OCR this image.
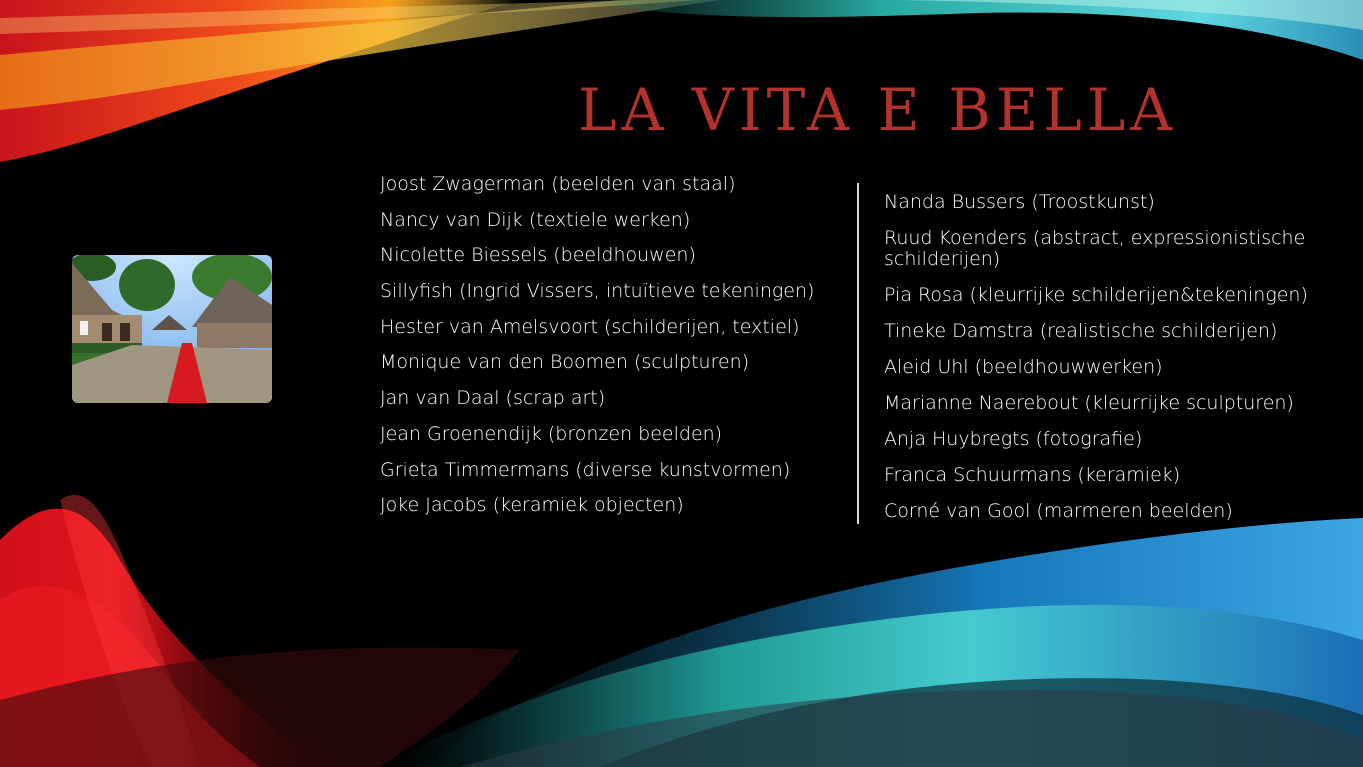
LA VITA E BELLA
Joost Zwagerman (beelden van staal)
Nancy van Dijk (textiele werken)
Nicolette Biessels (beeldhouwen)
Sillyfish (Ingrid Vissers, intuïtieve tekeningen)
Hester van Amelsvoort (schilderijen, textiel)
Monique van den Boomen (sculpturen)
Jan van Daal (scrap art)
Jean Groenendijk (bronzen beelden)
Grieta Timmermans (diverse kunstvormen)
Joke Jacobs (keramiek objecten)
Nanda Bussers (Troostkunst)
Ruud Koenders (abstract, expressionistische schilderijen)
Pia Rosa (kleurrijke schilderijen&tekeningen)
Tineke Damstra (realistische schilderijen)
Aleid Uhl (beeldhouwwerken)
Marianne Naerebout (kleurrijke sculpturen)
Anja Huybregts (fotografie)
Franca Schuurmans (keramiek)
Corné van Gool (marmeren beelden)
